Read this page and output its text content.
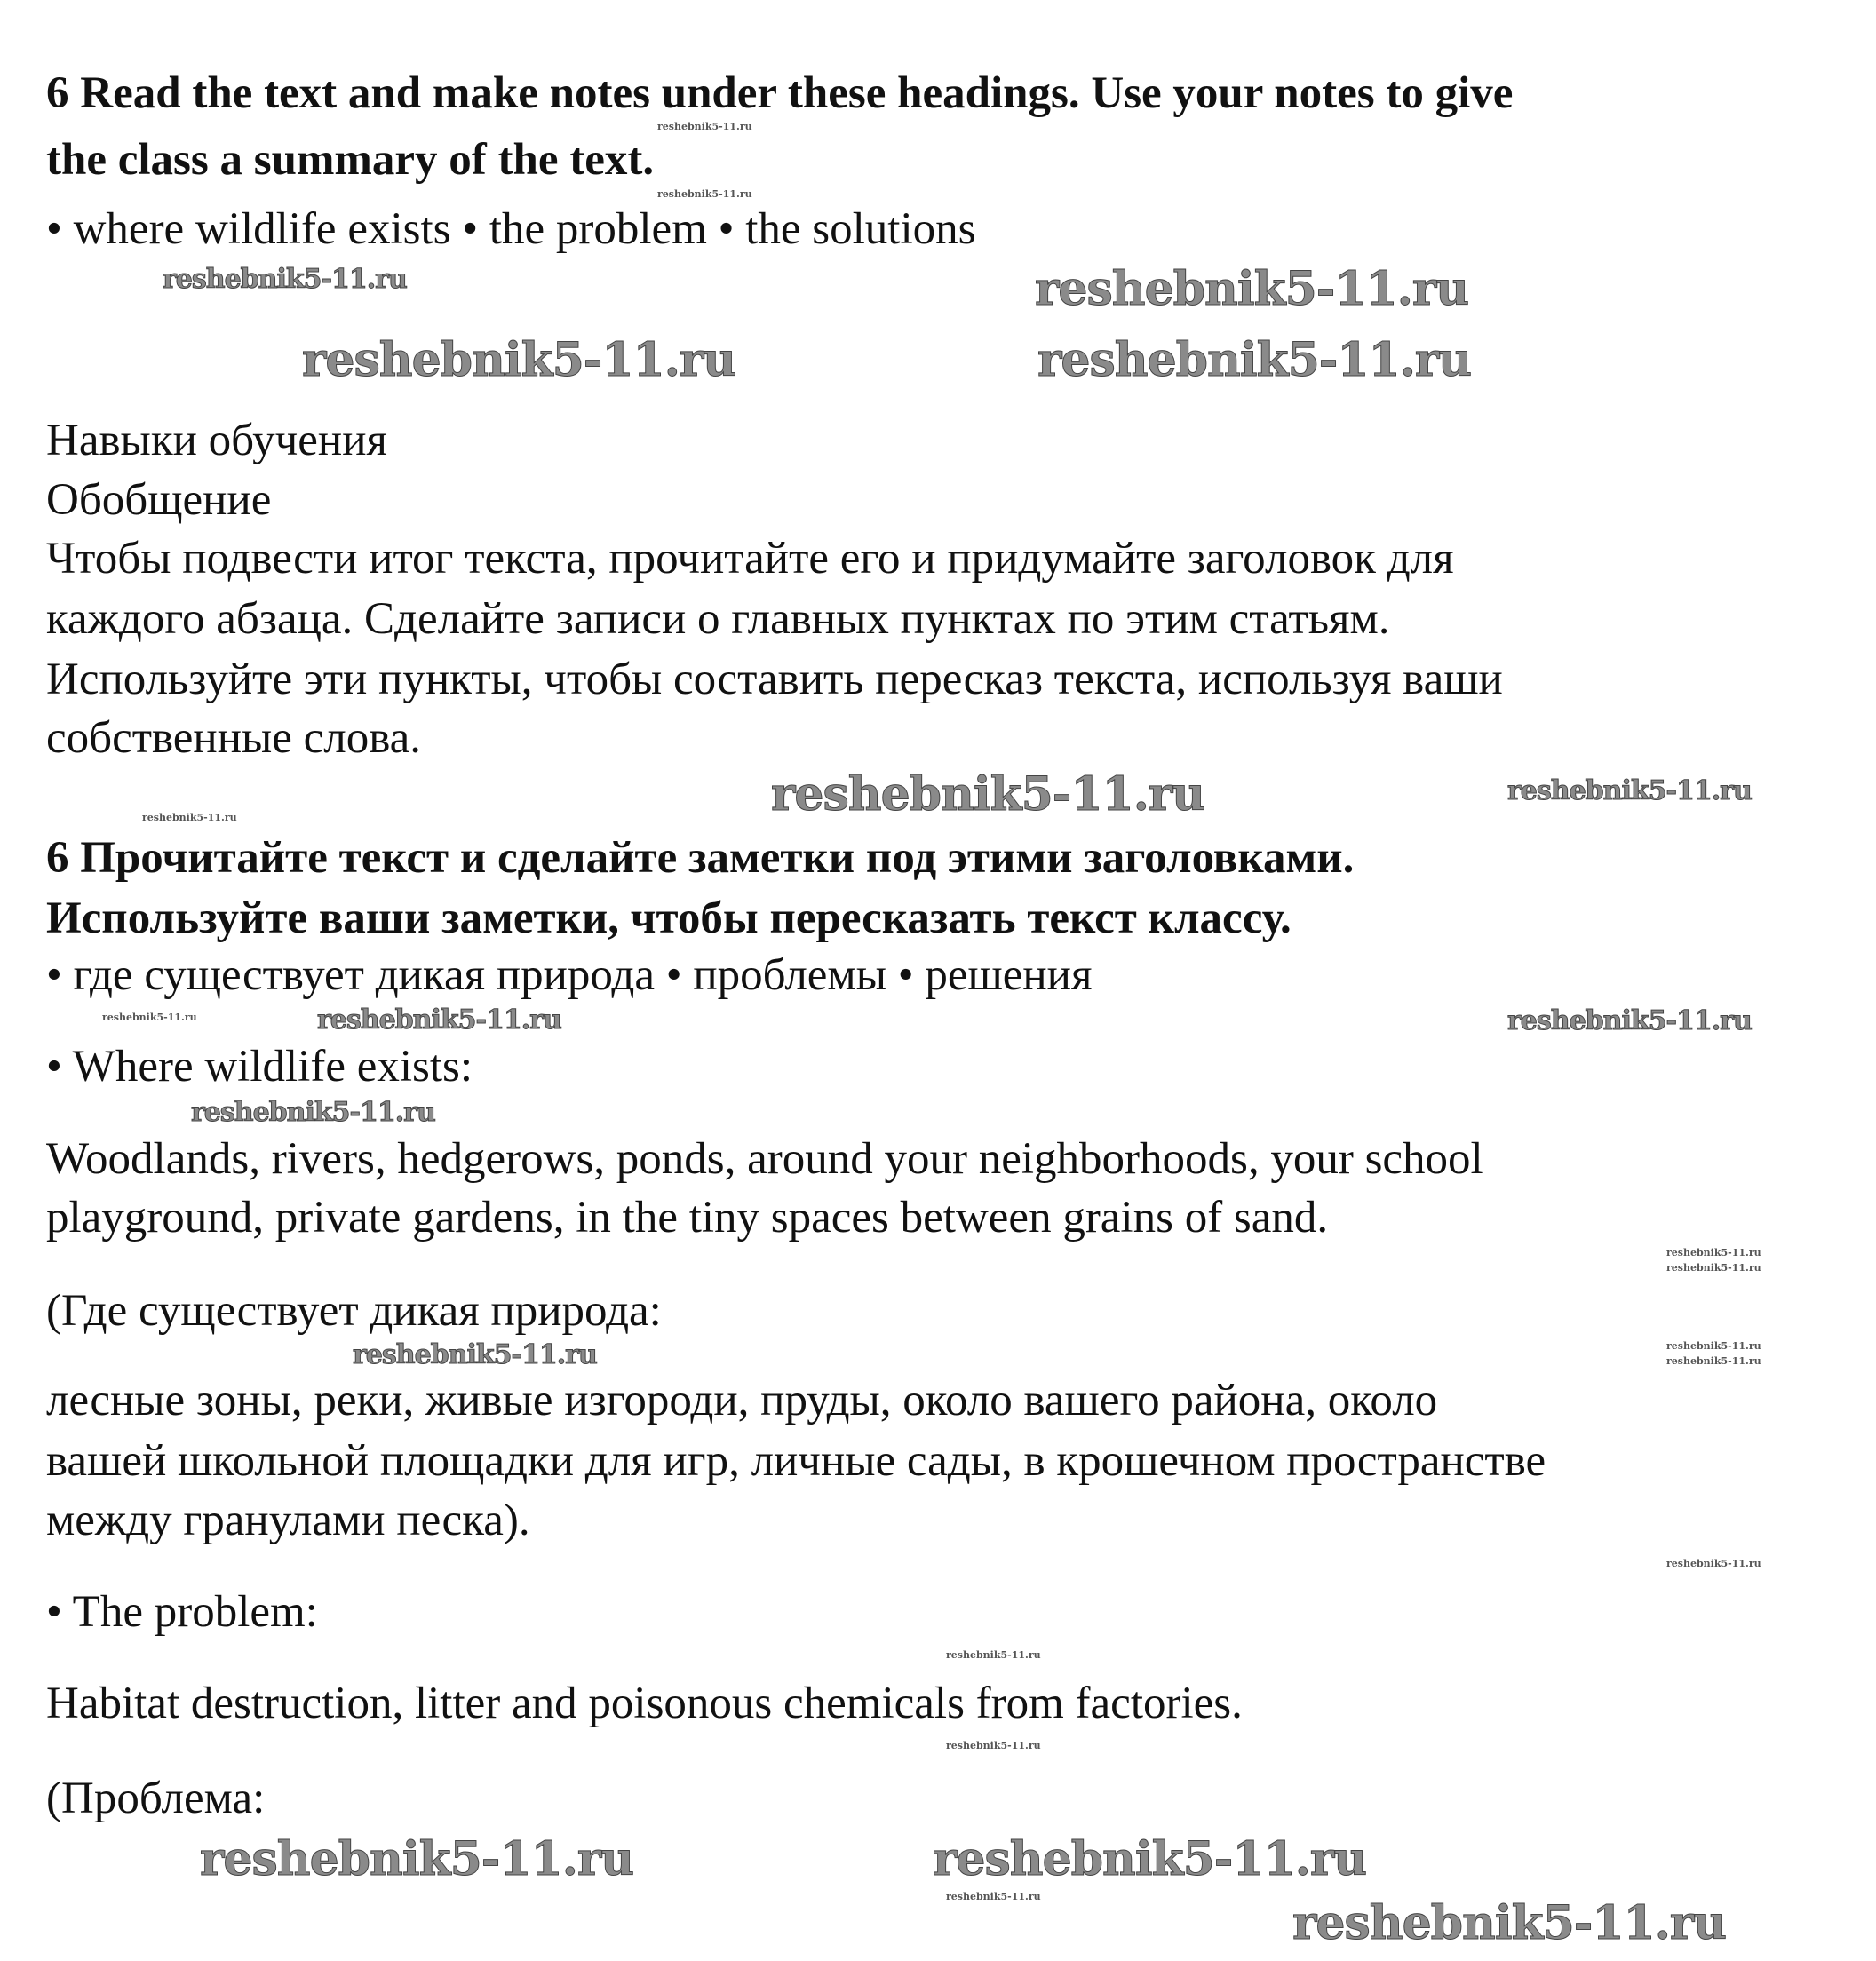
6 Read the text and make notes under these headings. Use your notes to give
the class a summary of the text.
• where wildlife exists • the problem • the solutions
Навыки обучения
Обобщение
Чтобы подвести итог текста, прочитайте его и придумайте заголовок для
каждого абзаца. Сделайте записи о главных пунктах по этим статьям.
Используйте эти пункты, чтобы составить пересказ текста, используя ваши
собственные слова.
6 Прочитайте текст и сделайте заметки под этими заголовками.
Используйте ваши заметки, чтобы пересказать текст классу.
• где существует дикая природа • проблемы • решения
• Where wildlife exists:
Woodlands, rivers, hedgerows, ponds, around your neighborhoods, your school
playground, private gardens, in the tiny spaces between grains of sand.
(Где существует дикая природа:
лесные зоны, реки, живые изгороди, пруды, около вашего района, около
вашей школьной площадки для игр, личные сады, в крошечном пространстве
между гранулами песка).
• The problem:
Habitat destruction, litter and poisonous chemicals from factories.
(Проблема:
reshebnik5-11.ru
reshebnik5-11.ru
reshebnik5-11.ru
reshebnik5-11.ru
reshebnik5-11.ru	reshebnik5-11.ru
reshebnik5-11.ru
reshebnik5-11.ru
reshebnik5-11.ru
reshebnik5-11.ru	reshebnik5-11.ru
reshebnik5-11.ru
reshebnik5-11.ru
reshebnik5-11.ru
reshebnik5-11.ru
reshebnik5-11.ru
reshebnik5-11.ru
reshebnik5-11.ru
reshebnik5-11.ru
reshebnik5-11.ru
reshebnik5-11.ru
reshebnik5-11.ru
reshebnik5-11.ru
reshebnik5-11.ru
reshebnik5-11.ru
